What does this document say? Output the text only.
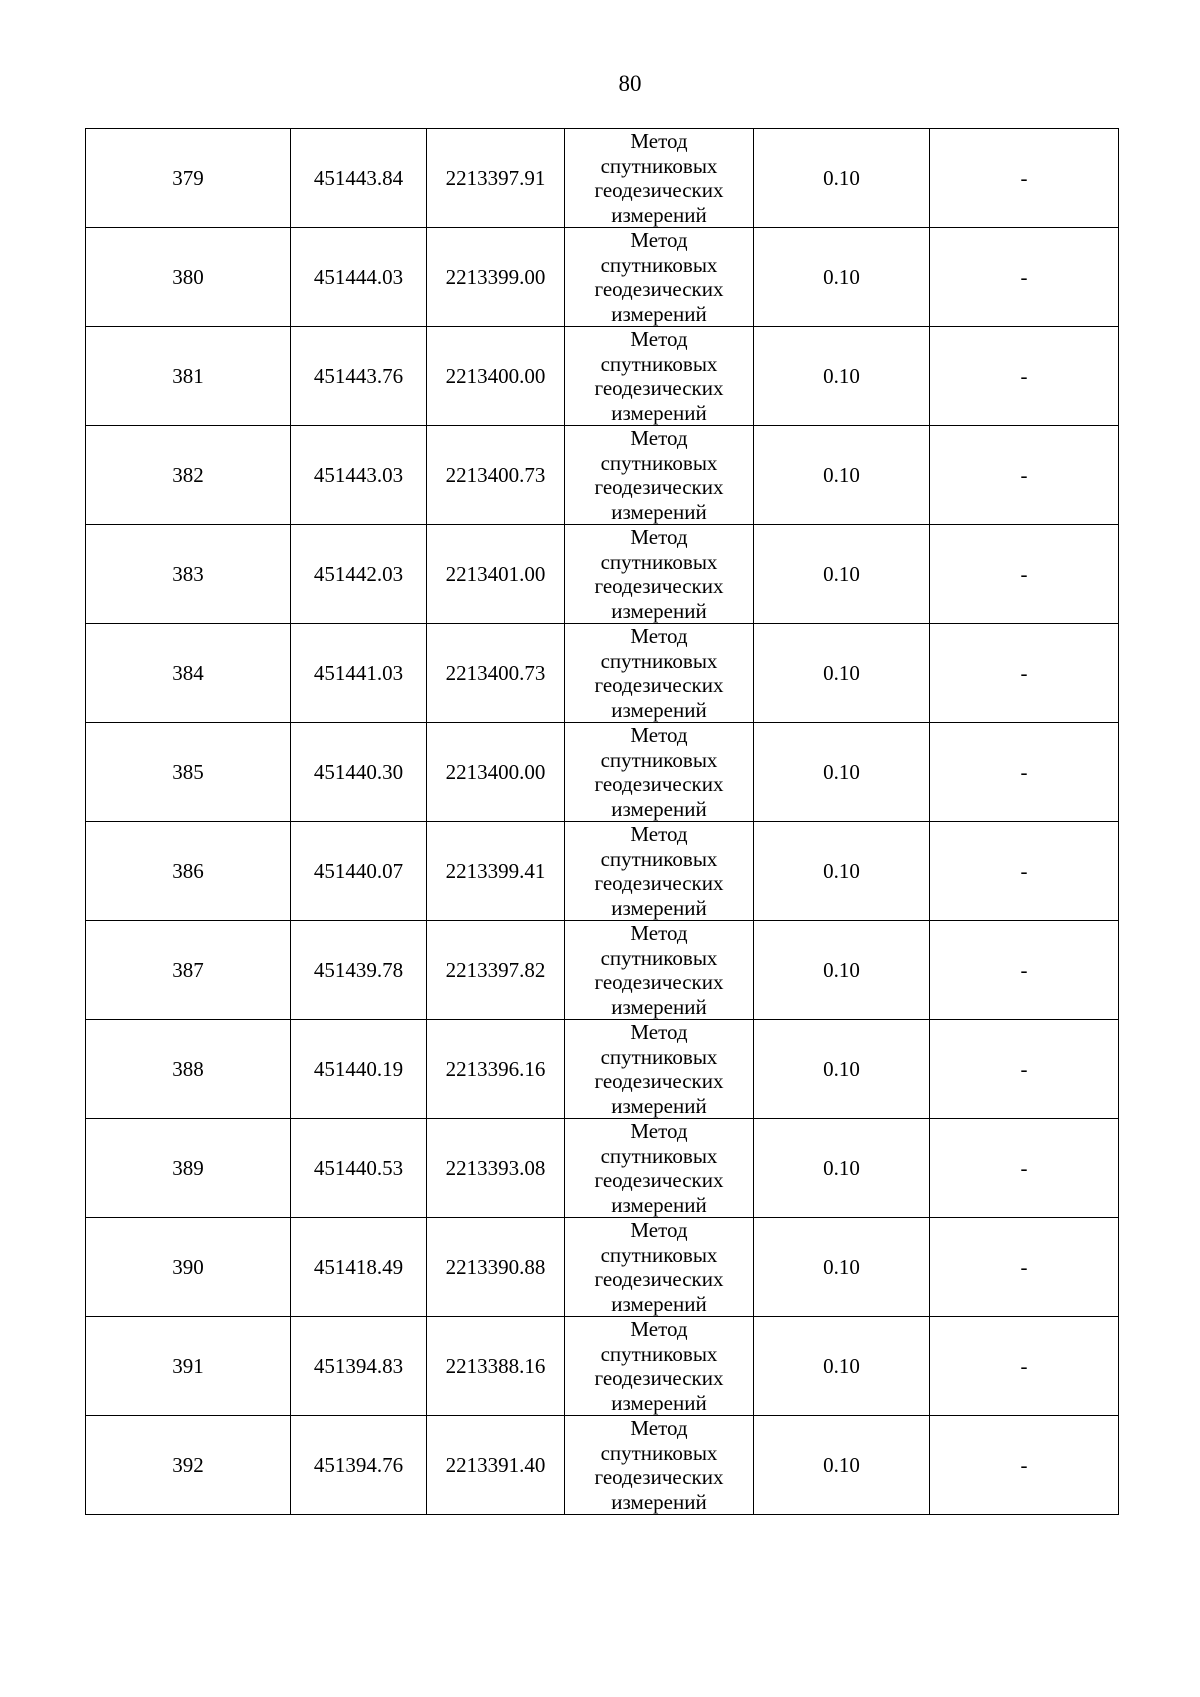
80
379	451443.84	2213397.91	Метод
спутниковых
геодезических
измерений	0.10	-
380	451444.03	2213399.00	Метод
спутниковых
геодезических
измерений	0.10	-
381	451443.76	2213400.00	Метод
спутниковых
геодезических
измерений	0.10	-
382	451443.03	2213400.73	Метод
спутниковых
геодезических
измерений	0.10	-
383	451442.03	2213401.00	Метод
спутниковых
геодезических
измерений	0.10	-
384	451441.03	2213400.73	Метод
спутниковых
геодезических
измерений	0.10	-
385	451440.30	2213400.00	Метод
спутниковых
геодезических
измерений	0.10	-
386	451440.07	2213399.41	Метод
спутниковых
геодезических
измерений	0.10	-
387	451439.78	2213397.82	Метод
спутниковых
геодезических
измерений	0.10	-
388	451440.19	2213396.16	Метод
спутниковых
геодезических
измерений	0.10	-
389	451440.53	2213393.08	Метод
спутниковых
геодезических
измерений	0.10	-
390	451418.49	2213390.88	Метод
спутниковых
геодезических
измерений	0.10	-
391	451394.83	2213388.16	Метод
спутниковых
геодезических
измерений	0.10	-
392	451394.76	2213391.40	Метод
спутниковых
геодезических
измерений	0.10	-
